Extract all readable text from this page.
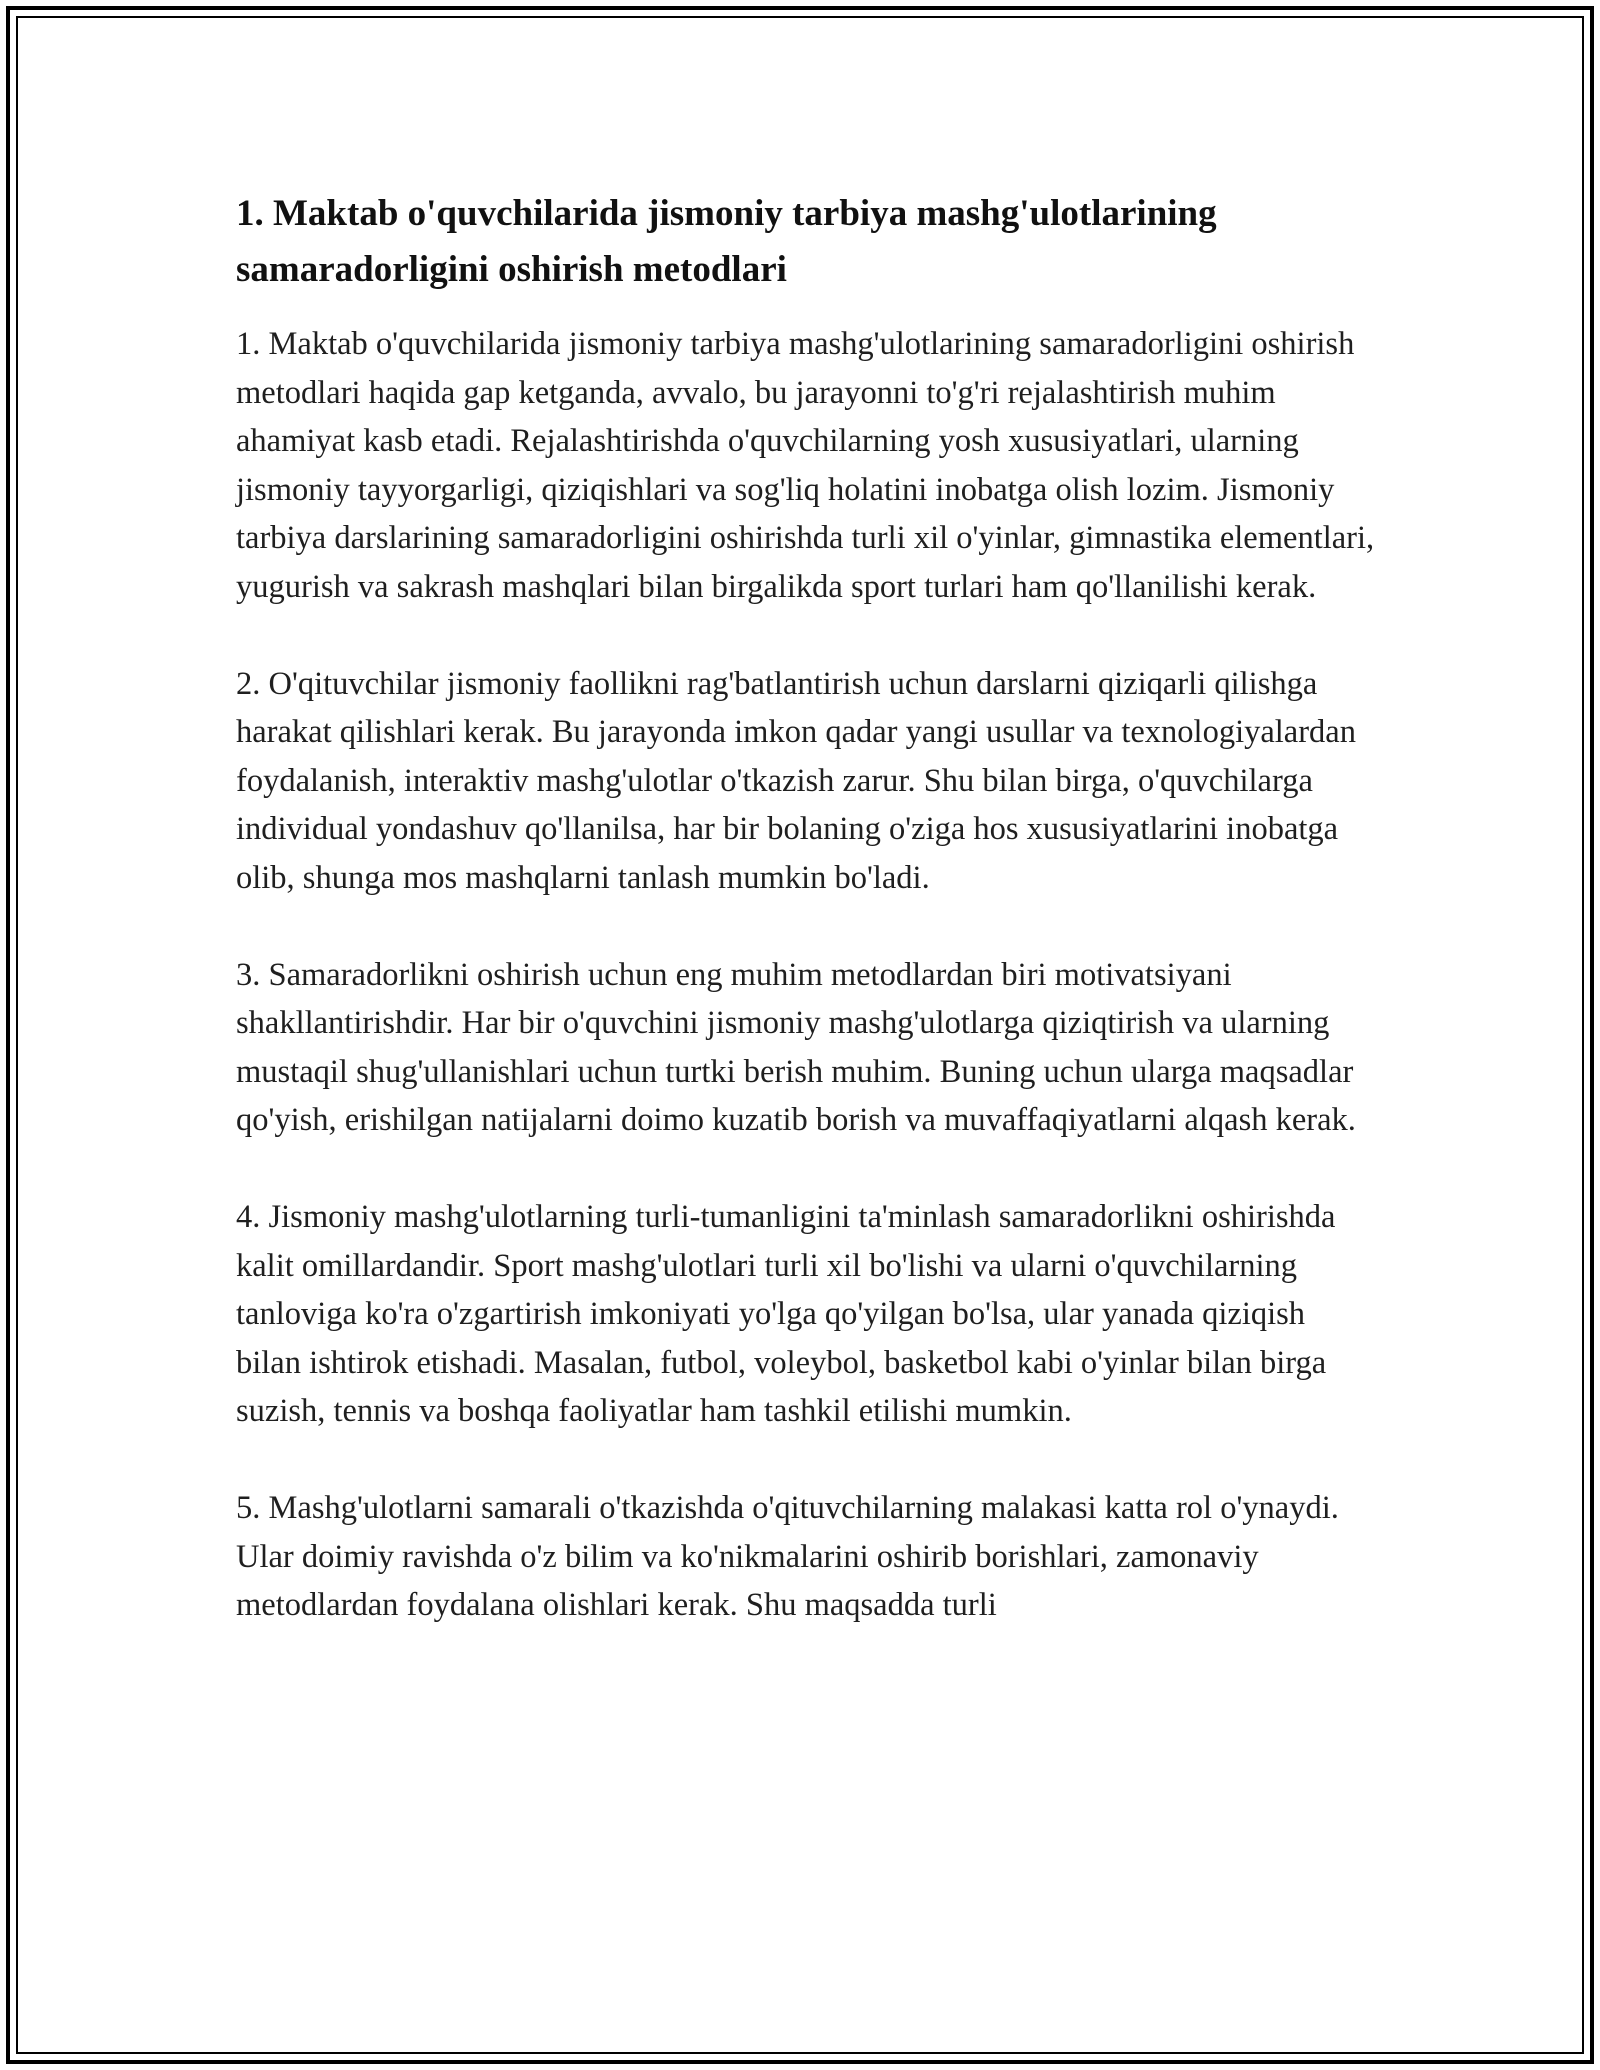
1. Maktab o'quvchilarida jismoniy tarbiya mashg'ulotlarining samaradorligini oshirish metodlari

1. Maktab o'quvchilarida jismoniy tarbiya mashg'ulotlarining samaradorligini oshirish metodlari haqida gap ketganda, avvalo, bu jarayonni to'g'ri rejalashtirish muhim ahamiyat kasb etadi. Rejalashtirishda o'quvchilarning yosh xususiyatlari, ularning jismoniy tayyorgarligi, qiziqishlari va sog'liq holatini inobatga olish lozim. Jismoniy tarbiya darslarining samaradorligini oshirishda turli xil o'yinlar, gimnastika elementlari, yugurish va sakrash mashqlari bilan birgalikda sport turlari ham qo'llanilishi kerak.

2. O'qituvchilar jismoniy faollikni rag'batlantirish uchun darslarni qiziqarli qilishga harakat qilishlari kerak. Bu jarayonda imkon qadar yangi usullar va texnologiyalardan foydalanish, interaktiv mashg'ulotlar o'tkazish zarur. Shu bilan birga, o'quvchilarga individual yondashuv qo'llanilsa, har bir bolaning o'ziga hos xususiyatlarini inobatga olib, shunga mos mashqlarni tanlash mumkin bo'ladi.

3. Samaradorlikni oshirish uchun eng muhim metodlardan biri motivatsiyani shakllantirishdir. Har bir o'quvchini jismoniy mashg'ulotlarga qiziqtirish va ularning mustaqil shug'ullanishlari uchun turtki berish muhim. Buning uchun ularga maqsadlar qo'yish, erishilgan natijalarni doimo kuzatib borish va muvaffaqiyatlarni alqash kerak.

4. Jismoniy mashg'ulotlarning turli-tumanligini ta'minlash samaradorlikni oshirishda kalit omillardandir. Sport mashg'ulotlari turli xil bo'lishi va ularni o'quvchilarning tanloviga ko'ra o'zgartirish imkoniyati yo'lga qo'yilgan bo'lsa, ular yanada qiziqish bilan ishtirok etishadi. Masalan, futbol, voleybol, basketbol kabi o'yinlar bilan birga suzish, tennis va boshqa faoliyatlar ham tashkil etilishi mumkin.

5. Mashg'ulotlarni samarali o'tkazishda o'qituvchilarning malakasi katta rol o'ynaydi. Ular doimiy ravishda o'z bilim va ko'nikmalarini oshirib borishlari, zamonaviy metodlardan foydalana olishlari kerak. Shu maqsadda turli
